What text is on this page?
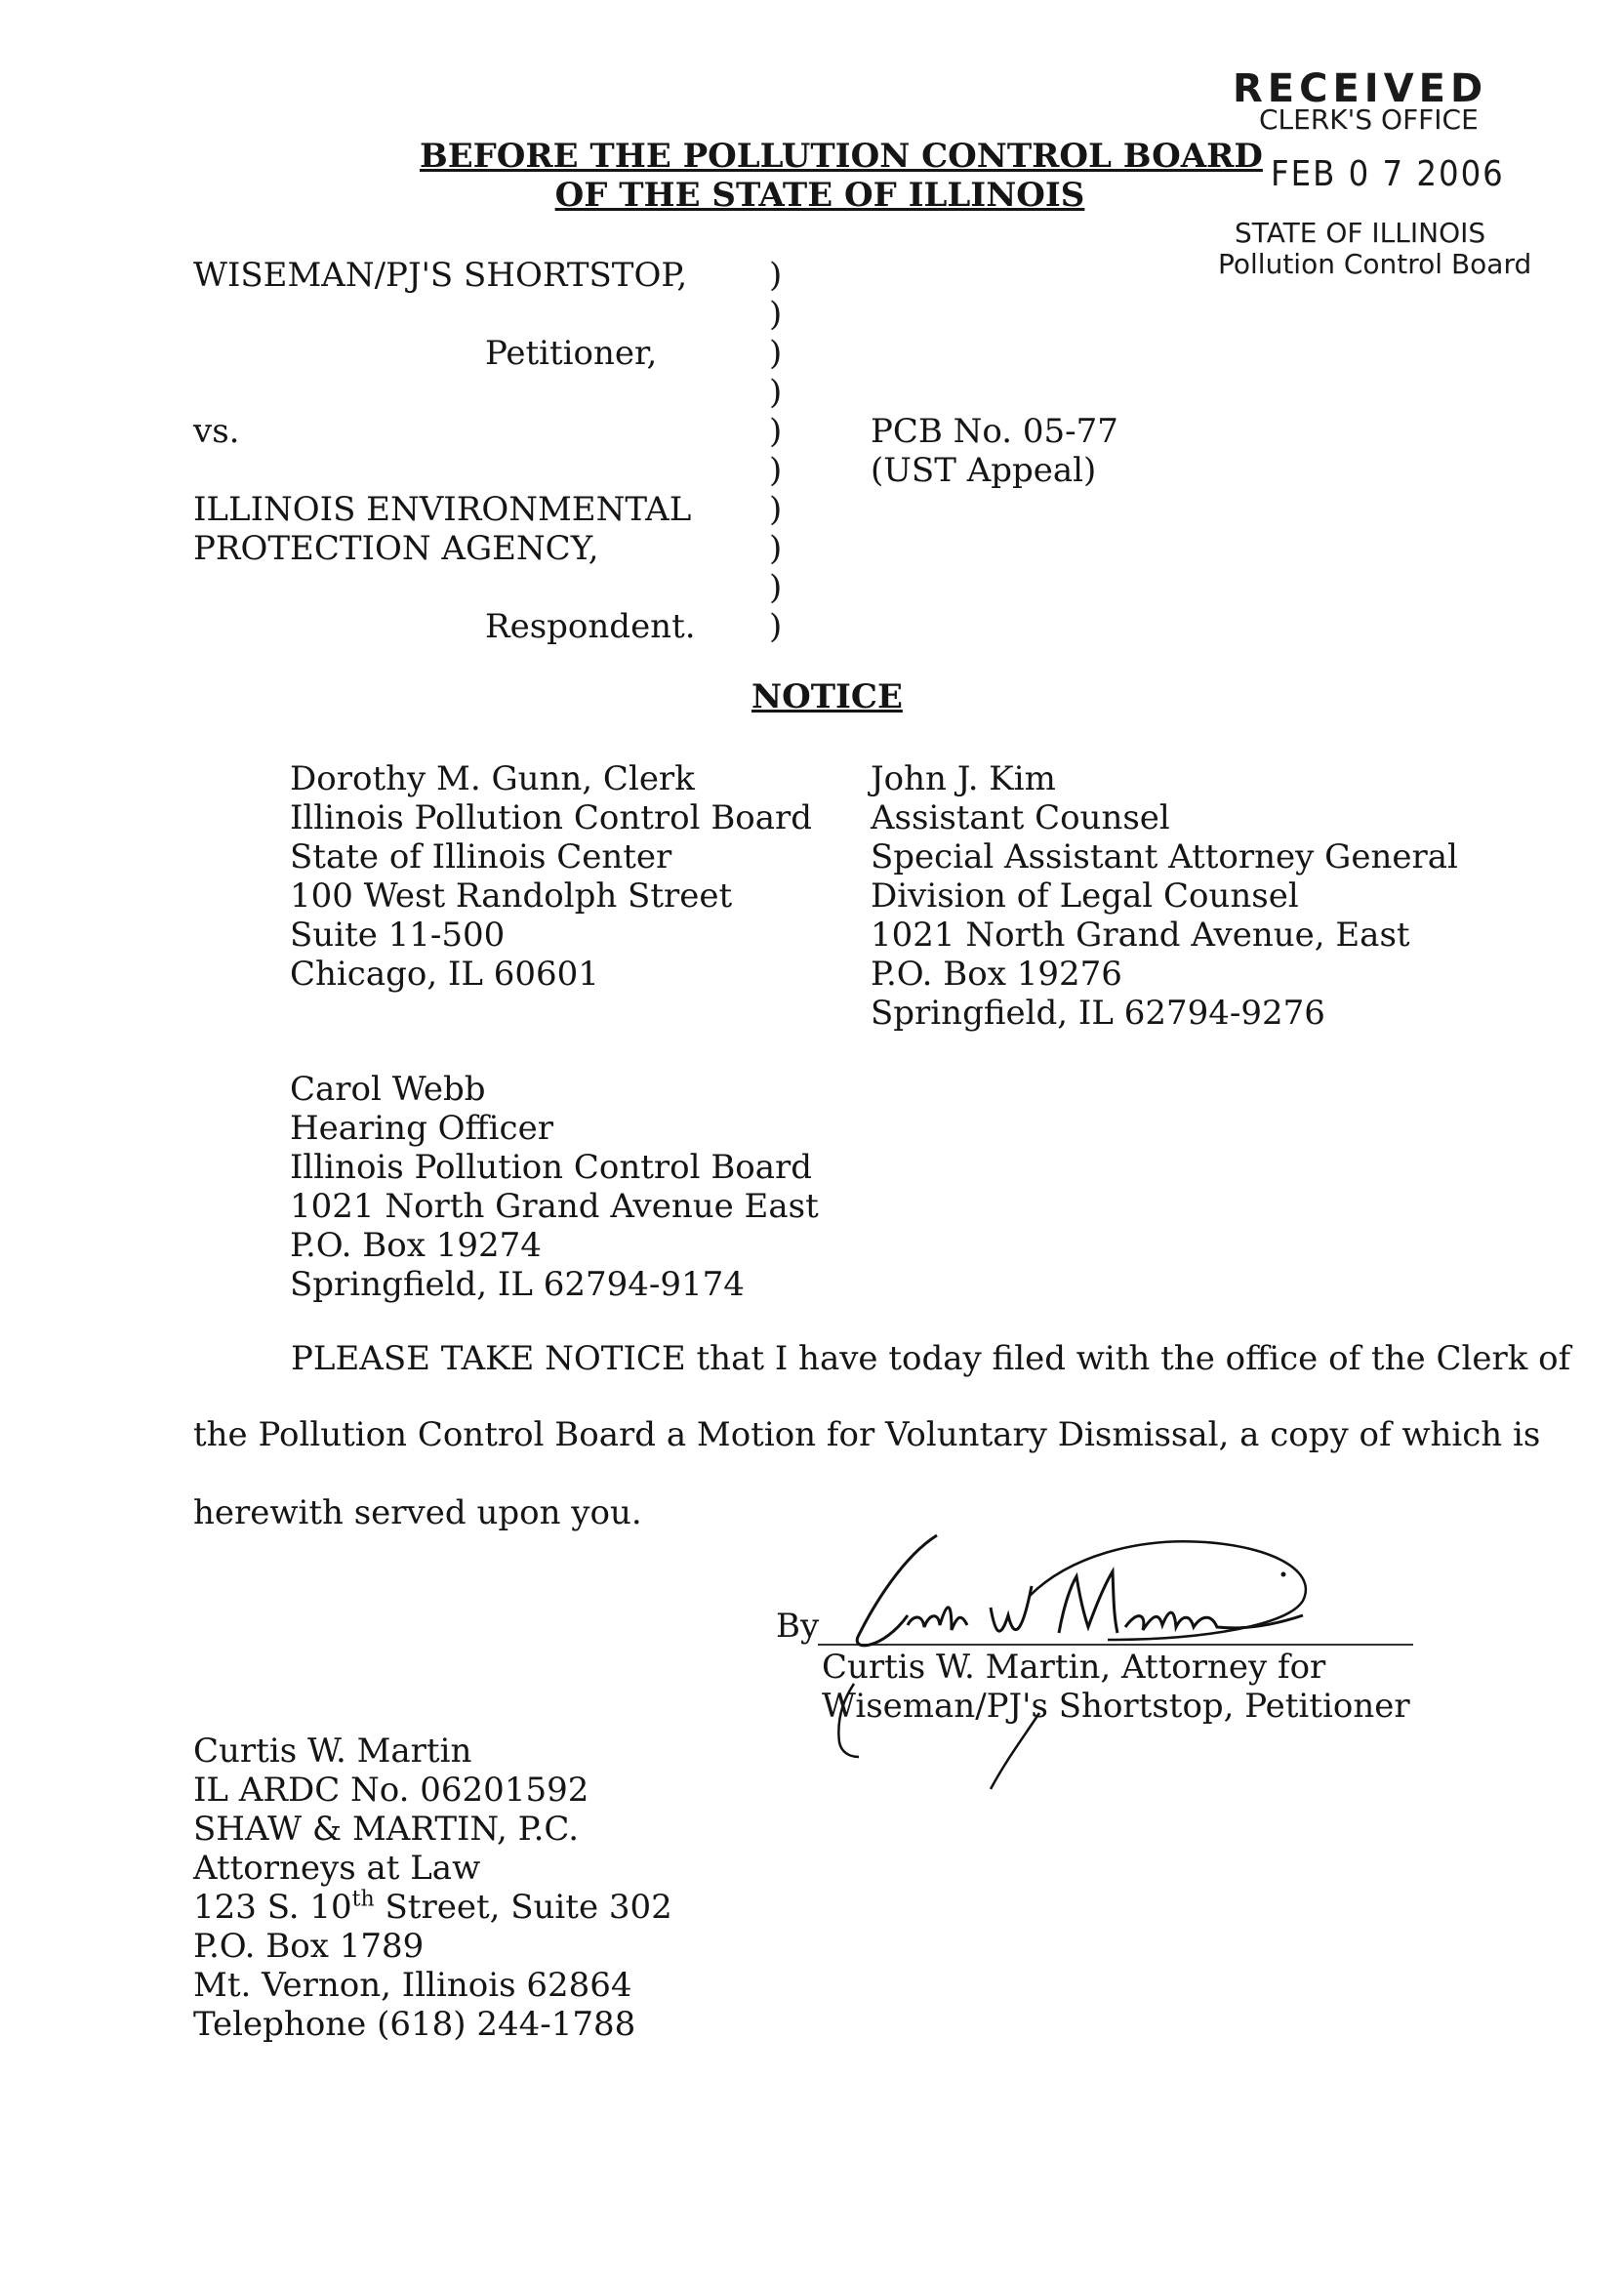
RECEIVED
CLERK'S OFFICE
FEB 0 7 2006
STATE OF ILLINOIS
Pollution Control Board
BEFORE THE POLLUTION CONTROL BOARD
OF THE STATE OF ILLINOIS
WISEMAN/PJ'S SHORTSTOP,
Petitioner,
vs.
ILLINOIS ENVIRONMENTAL
PROTECTION AGENCY,
Respondent.
)
)
)
)
)
)
)
)
)
)
PCB No. 05-77
(UST Appeal)
NOTICE
Dorothy M. Gunn, Clerk
Illinois Pollution Control Board
State of Illinois Center
100 West Randolph Street
Suite 11-500
Chicago, IL 60601
John J. Kim
Assistant Counsel
Special Assistant Attorney General
Division of Legal Counsel
1021 North Grand Avenue, East
P.O. Box 19276
Springfield, IL 62794-9276
Carol Webb
Hearing Officer
Illinois Pollution Control Board
1021 North Grand Avenue East
P.O. Box 19274
Springfield, IL 62794-9174
PLEASE TAKE NOTICE that I have today filed with the office of the Clerk of
the Pollution Control Board a Motion for Voluntary Dismissal, a copy of which is
herewith served upon you.
By
Curtis W. Martin, Attorney for
Wiseman/PJ's Shortstop, Petitioner
Curtis W. Martin
IL ARDC No. 06201592
SHAW & MARTIN, P.C.
Attorneys at Law
123 S. 10th Street, Suite 302
P.O. Box 1789
Mt. Vernon, Illinois 62864
Telephone (618) 244-1788
